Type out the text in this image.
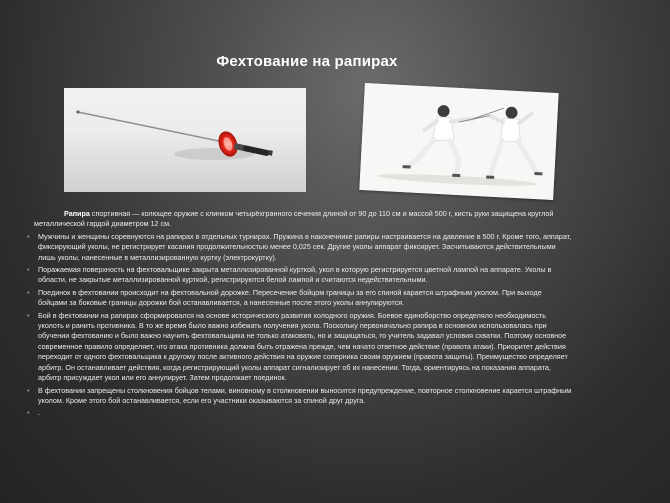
Фехтование на рапирах

Рапира спортивная — колющее оружие с клинком четырёхгранного сечения длиной от 90 до 110 см и массой 500 г, кисть руки защищена круглой металлической гардой диаметром 12 см.

• Мужчины и женщины соревнуются на рапирах в отдельных турнирах. Пружина в наконечнике рапиры настраивается на давление в 500 г. Кроме того, аппарат, фиксирующий уколы, не регистрирует касания продолжительностью менее 0,025 сек. Другие уколы аппарат фиксирует. Засчитываются действительными лишь уколы, нанесенные в металлизированную куртку (электрокуртку).
• Поражаемая поверхность на фехтовальщике закрыта металлизированной курткой, укол в которую регистрируется цветной лампой на аппарате. Уколы в области, не закрытые металлизированной курткой, регистрируются белой лампой и считаются недействительными.
• Поединок в фехтовании происходит на фехтовальной дорожке. Пересечение бойцом границы за его спиной карается штрафным уколом. При выходе бойцами за боковые границы дорожки бой останавливается, а нанесенные после этого уколы аннулируются.
• Бой в фехтовании на рапирах сформировался на основе исторического развития холодного оружия. Боевое единоборство определяло необходимость уколоть и ранить противника. В то же время было важно избежать получения укола. Поскольку первоначально рапира в основном использовалась при обучении фехтованию и было важно научить фехтовальщика не только атаковать, но и защищаться, то учитель задавал условия схватки. Поэтому основное современное правило определяет, что атака противника должна быть отражена прежде, чем начато ответное действие (правота атаки). Приоритет действия переходит от одного фехтовальщика к другому после активного действия на оружие соперника своим оружием (правота защиты). Преимущество определяет арбитр. Он останавливает действия, когда регистрирующий уколы аппарат сигнализирует об их нанесении. Тогда, ориентируясь на показания аппарата, арбитр присуждает укол или его аннулирует. Затем продолжает поединок.
• В фехтовании запрещены столкновения бойцов телами, виновному в столкновении выносится предупреждение, повторное столкновение карается штрафным уколом. Кроме этого бой останавливается, если его участники оказываются за спиной друг друга.
• .
